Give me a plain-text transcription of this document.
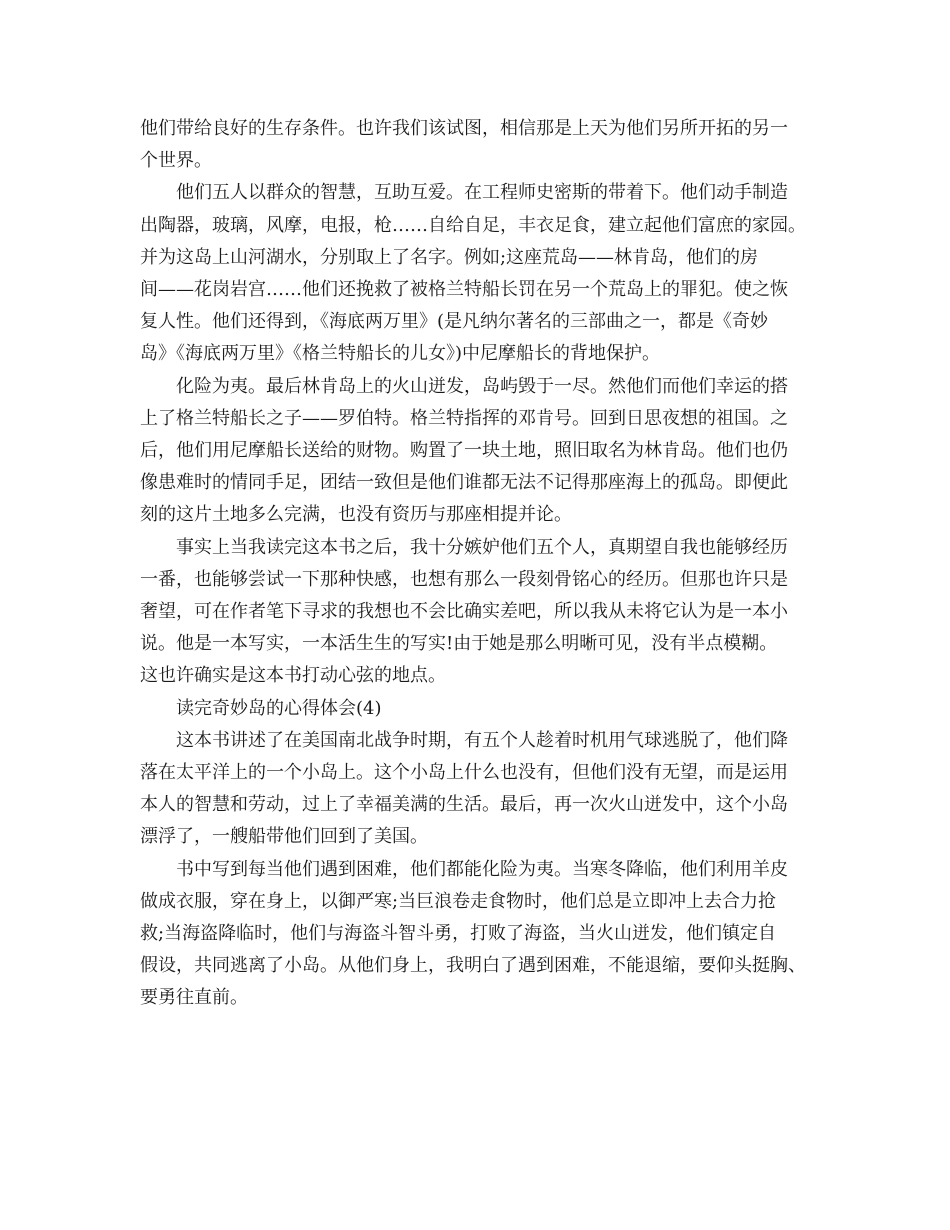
他们带给良好的生存条件。也许我们该试图，相信那是上天为他们另所开拓的另一
个世界。

他们五人以群众的智慧，互助互爱。在工程师史密斯的带着下。他们动手制造
出陶器，玻璃，风摩，电报，枪……自给自足，丰衣足食，建立起他们富庶的家园。
并为这岛上山河湖水，分别取上了名字。例如;这座荒岛——林肯岛，他们的房
间——花岗岩宫……他们还挽救了被格兰特船长罚在另一个荒岛上的罪犯。使之恢
复人性。他们还得到，《海底两万里》(是凡纳尔著名的三部曲之一，都是《奇妙
岛》《海底两万里》《格兰特船长的儿女》)中尼摩船长的背地保护。

化险为夷。最后林肯岛上的火山迸发，岛屿毁于一尽。然他们而他们幸运的搭
上了格兰特船长之子——罗伯特。格兰特指挥的邓肯号。回到日思夜想的祖国。之
后，他们用尼摩船长送给的财物。购置了一块土地，照旧取名为林肯岛。他们也仍
像患难时的情同手足，团结一致但是他们谁都无法不记得那座海上的孤岛。即便此
刻的这片土地多么完满，也没有资历与那座相提并论。

事实上当我读完这本书之后，我十分嫉妒他们五个人，真期望自我也能够经历
一番，也能够尝试一下那种快感，也想有那么一段刻骨铭心的经历。但那也许只是
奢望，可在作者笔下寻求的我想也不会比确实差吧，所以我从未将它认为是一本小
说。他是一本写实，一本活生生的写实!由于她是那么明晰可见，没有半点模糊。
这也许确实是这本书打动心弦的地点。

读完奇妙岛的心得体会(4)

这本书讲述了在美国南北战争时期，有五个人趁着时机用气球逃脱了，他们降
落在太平洋上的一个小岛上。这个小岛上什么也没有，但他们没有无望，而是运用
本人的智慧和劳动，过上了幸福美满的生活。最后，再一次火山迸发中，这个小岛
漂浮了，一艘船带他们回到了美国。

书中写到每当他们遇到困难，他们都能化险为夷。当寒冬降临，他们利用羊皮
做成衣服，穿在身上，以御严寒;当巨浪卷走食物时，他们总是立即冲上去合力抢
救;当海盗降临时，他们与海盗斗智斗勇，打败了海盗，当火山迸发，他们镇定自
假设，共同逃离了小岛。从他们身上，我明白了遇到困难，不能退缩，要仰头挺胸、
要勇往直前。
